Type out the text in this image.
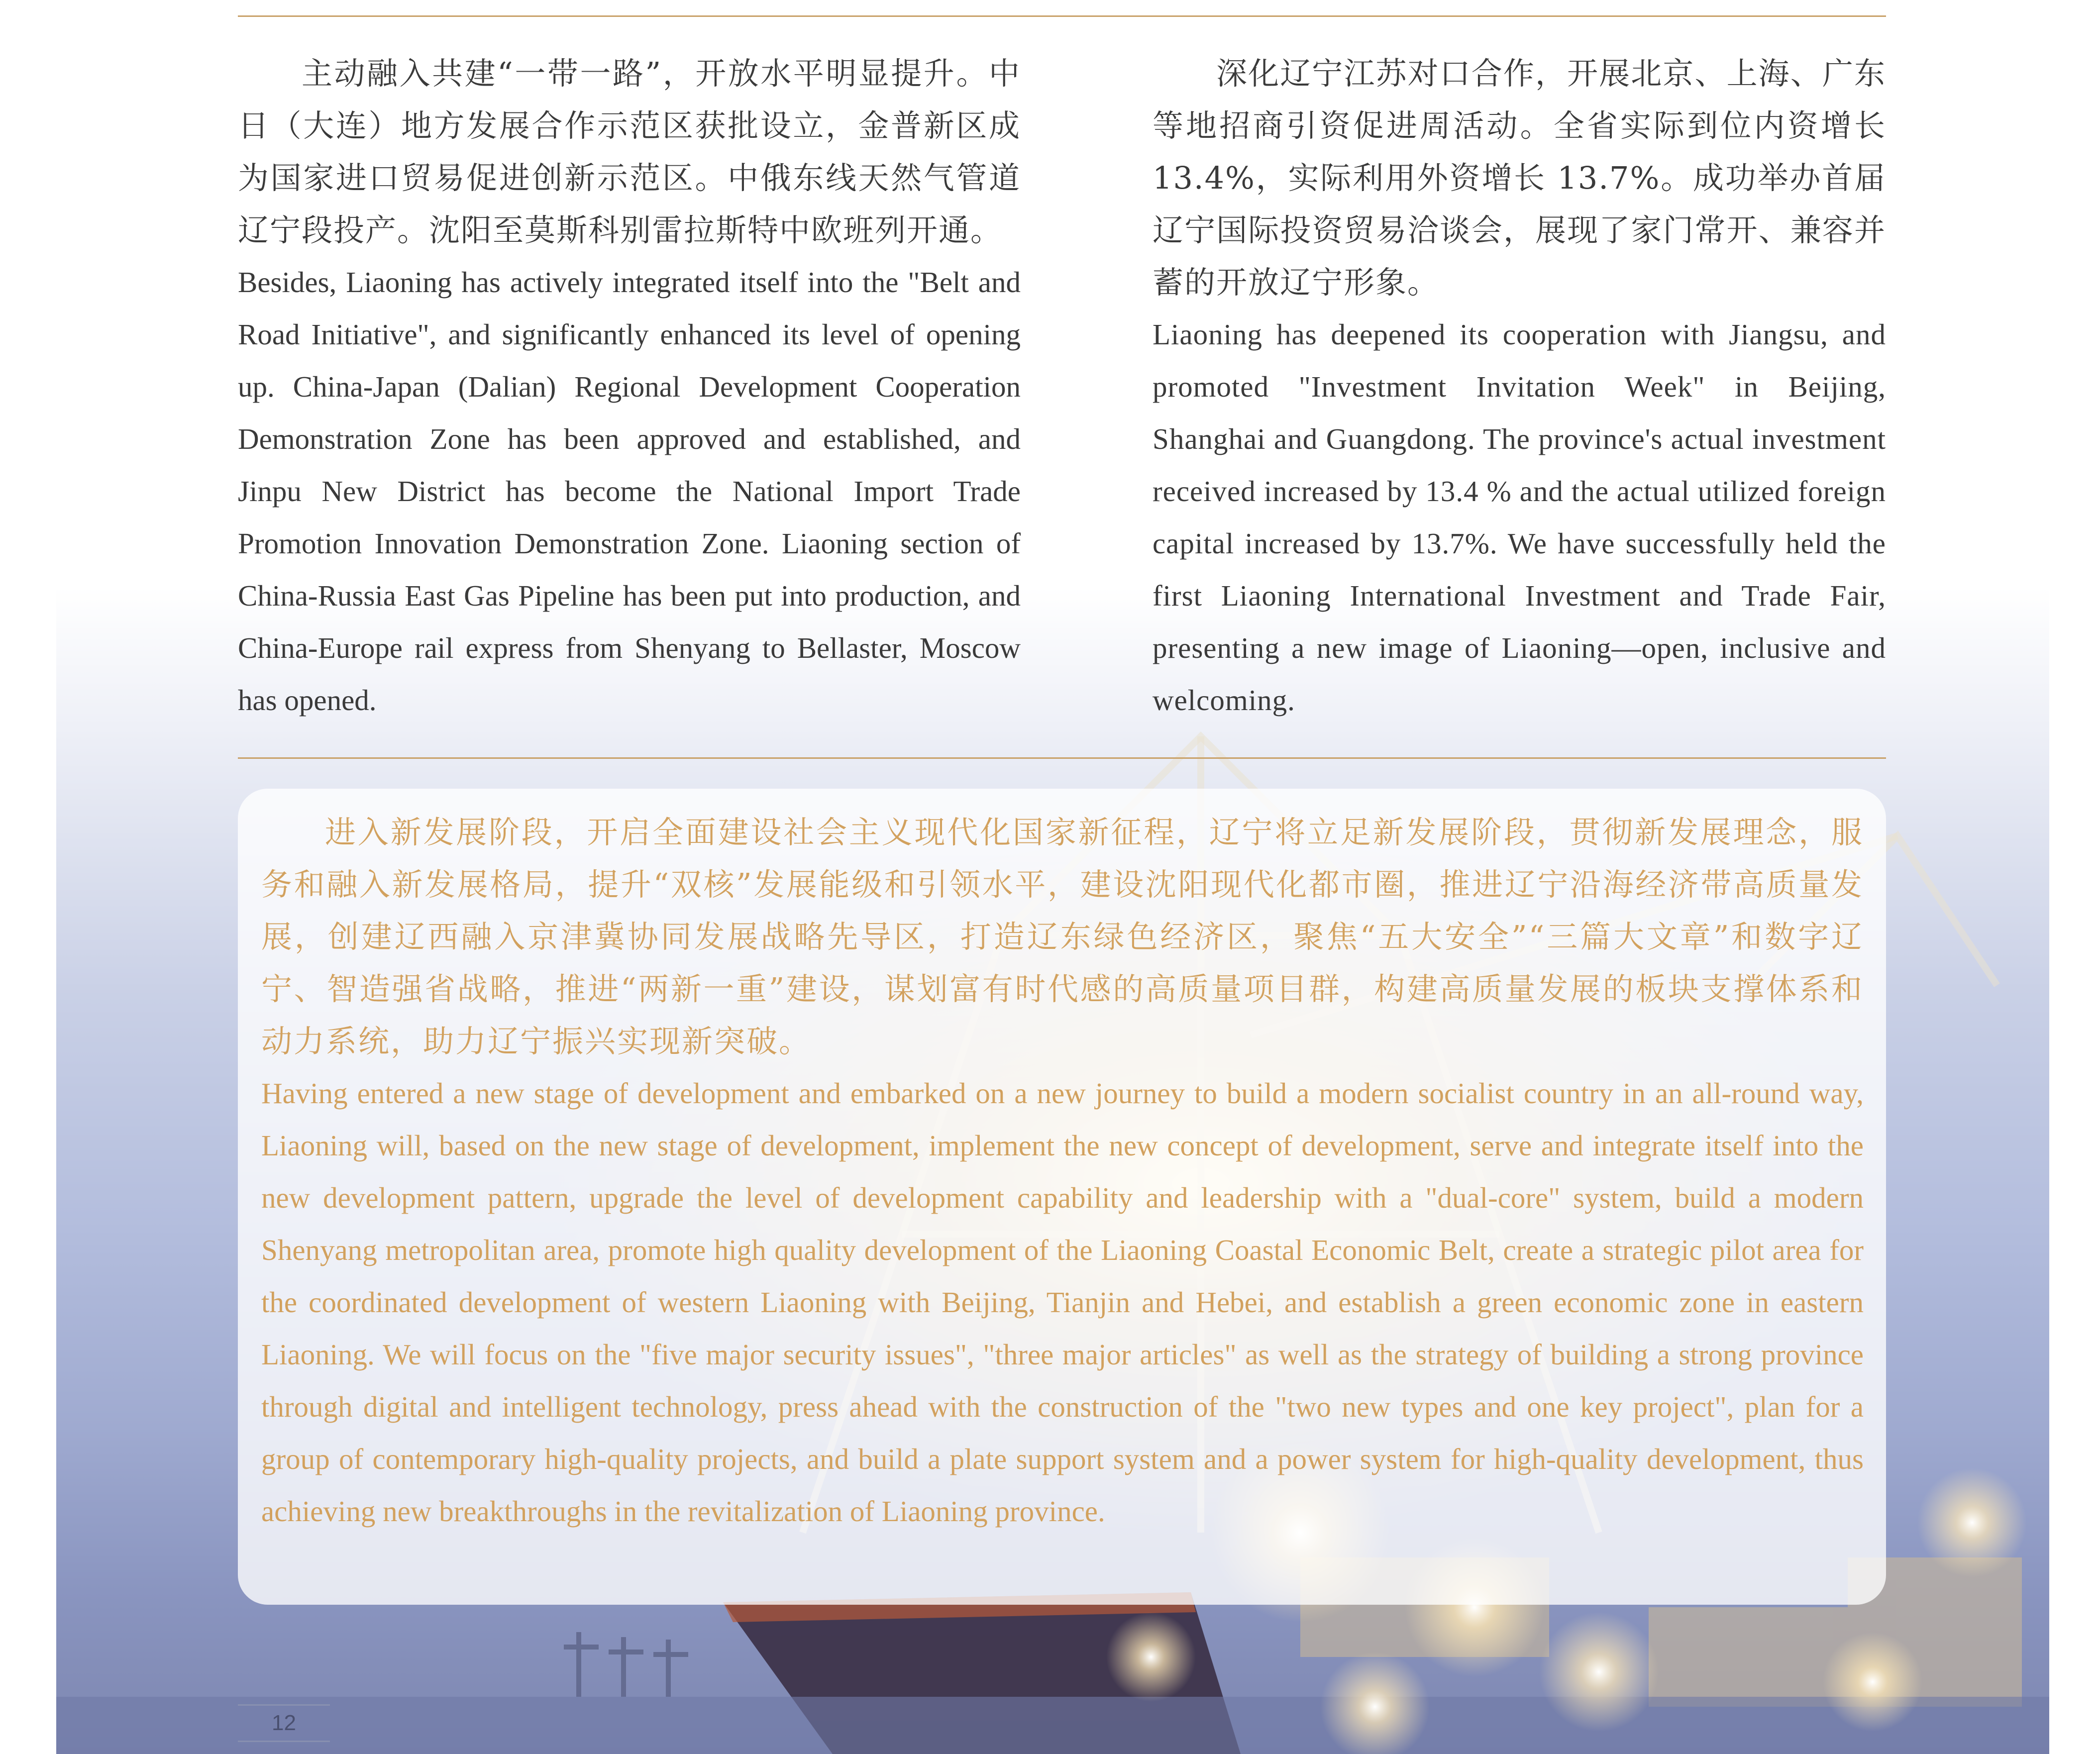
主动融入共建“一带一路”，开放水平明显提升。中日（大连）地方发展合作示范区获批设立，金普新区成为国家进口贸易促进创新示范区。中俄东线天然气管道辽宁段投产。沈阳至莫斯科别雷拉斯特中欧班列开通。

Besides, Liaoning has actively integrated itself into the "Belt and Road Initiative", and significantly enhanced its level of opening up. China-Japan (Dalian) Regional Development Cooperation Demonstration Zone has been approved and established, and Jinpu New District has become the National Import Trade Promotion Innovation Demonstration Zone. Liaoning section of China-Russia East Gas Pipeline has been put into production, and China-Europe rail express from Shenyang to Bellaster, Moscow has opened.

深化辽宁江苏对口合作，开展北京、上海、广东等地招商引资促进周活动。全省实际到位内资增长 13.4%，实际利用外资增长 13.7%。成功举办首届辽宁国际投资贸易洽谈会，展现了家门常开、兼容并蓄的开放辽宁形象。

Liaoning has deepened its cooperation with Jiangsu, and promoted "Investment Invitation Week" in Beijing, Shanghai and Guangdong. The province's actual investment received increased by 13.4 % and the actual utilized foreign capital increased by 13.7%. We have successfully held the first Liaoning International Investment and Trade Fair, presenting a new image of Liaoning—open, inclusive and welcoming.

进入新发展阶段，开启全面建设社会主义现代化国家新征程，辽宁将立足新发展阶段，贯彻新发展理念，服务和融入新发展格局，提升“双核”发展能级和引领水平，建设沈阳现代化都市圈，推进辽宁沿海经济带高质量发展，创建辽西融入京津冀协同发展战略先导区，打造辽东绿色经济区，聚焦“五大安全”“三篇大文章”和数字辽宁、智造强省战略，推进“两新一重”建设，谋划富有时代感的高质量项目群，构建高质量发展的板块支撑体系和动力系统，助力辽宁振兴实现新突破。

Having entered a new stage of development and embarked on a new journey to build a modern socialist country in an all-round way, Liaoning will, based on the new stage of development, implement the new concept of development, serve and integrate itself into the new development pattern, upgrade the level of development capability and leadership with a "dual-core" system, build a modern Shenyang metropolitan area, promote high quality development of the Liaoning Coastal Economic Belt, create a strategic pilot area for the coordinated development of western Liaoning with Beijing, Tianjin and Hebei, and establish a green economic zone in eastern Liaoning. We will focus on the "five major security issues", "three major articles" as well as the strategy of building a strong province through digital and intelligent technology, press ahead with the construction of the "two new types and one key project", plan for a group of contemporary high-quality projects, and build a plate support system and a power system for high-quality development, thus achieving new breakthroughs in the revitalization of Liaoning province.

12
